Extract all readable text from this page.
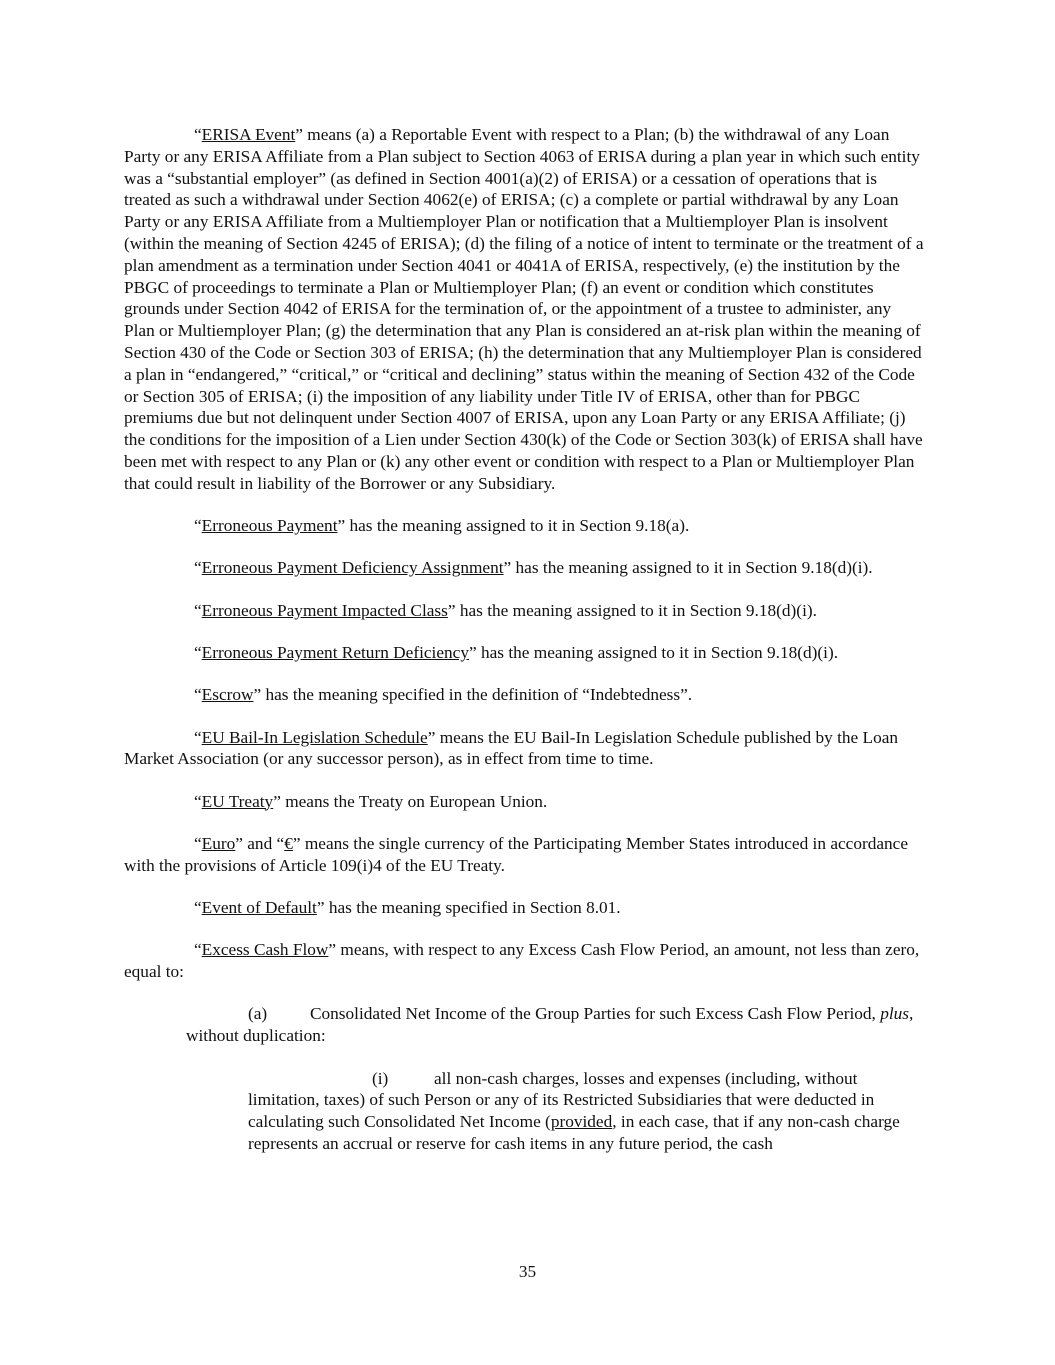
“ERISA Event” means (a) a Reportable Event with respect to a Plan; (b) the withdrawal of any Loan Party or any ERISA Affiliate from a Plan subject to Section 4063 of ERISA during a plan year in which such entity was a “substantial employer” (as defined in Section 4001(a)(2) of ERISA) or a cessation of operations that is treated as such a withdrawal under Section 4062(e) of ERISA; (c) a complete or partial withdrawal by any Loan Party or any ERISA Affiliate from a Multiemployer Plan or notification that a Multiemployer Plan is insolvent (within the meaning of Section 4245 of ERISA); (d) the filing of a notice of intent to terminate or the treatment of a plan amendment as a termination under Section 4041 or 4041A of ERISA, respectively, (e) the institution by the PBGC of proceedings to terminate a Plan or Multiemployer Plan; (f) an event or condition which constitutes grounds under Section 4042 of ERISA for the termination of, or the appointment of a trustee to administer, any Plan or Multiemployer Plan; (g) the determination that any Plan is considered an at-risk plan within the meaning of Section 430 of the Code or Section 303 of ERISA; (h) the determination that any Multiemployer Plan is considered a plan in “endangered,” “critical,” or “critical and declining” status within the meaning of Section 432 of the Code or Section 305 of ERISA; (i) the imposition of any liability under Title IV of ERISA, other than for PBGC premiums due but not delinquent under Section 4007 of ERISA, upon any Loan Party or any ERISA Affiliate; (j) the conditions for the imposition of a Lien under Section 430(k) of the Code or Section 303(k) of ERISA shall have been met with respect to any Plan or (k) any other event or condition with respect to a Plan or Multiemployer Plan that could result in liability of the Borrower or any Subsidiary.

“Erroneous Payment” has the meaning assigned to it in Section 9.18(a).

“Erroneous Payment Deficiency Assignment” has the meaning assigned to it in Section 9.18(d)(i).

“Erroneous Payment Impacted Class” has the meaning assigned to it in Section 9.18(d)(i).

“Erroneous Payment Return Deficiency” has the meaning assigned to it in Section 9.18(d)(i).

“Escrow” has the meaning specified in the definition of “Indebtedness”.

“EU Bail-In Legislation Schedule” means the EU Bail-In Legislation Schedule published by the Loan Market Association (or any successor person), as in effect from time to time.

“EU Treaty” means the Treaty on European Union.

“Euro” and “€” means the single currency of the Participating Member States introduced in accordance with the provisions of Article 109(i)4 of the EU Treaty.

“Event of Default” has the meaning specified in Section 8.01.

“Excess Cash Flow” means, with respect to any Excess Cash Flow Period, an amount, not less than zero, equal to:

(a) Consolidated Net Income of the Group Parties for such Excess Cash Flow Period, plus, without duplication:

(i)	all non-cash charges, losses and expenses (including, without limitation, taxes) of such Person or any of its Restricted Subsidiaries that were deducted in calculating such Consolidated Net Income (provided, in each case, that if any non-cash charge represents an accrual or reserve for cash items in any future period, the cash

35
